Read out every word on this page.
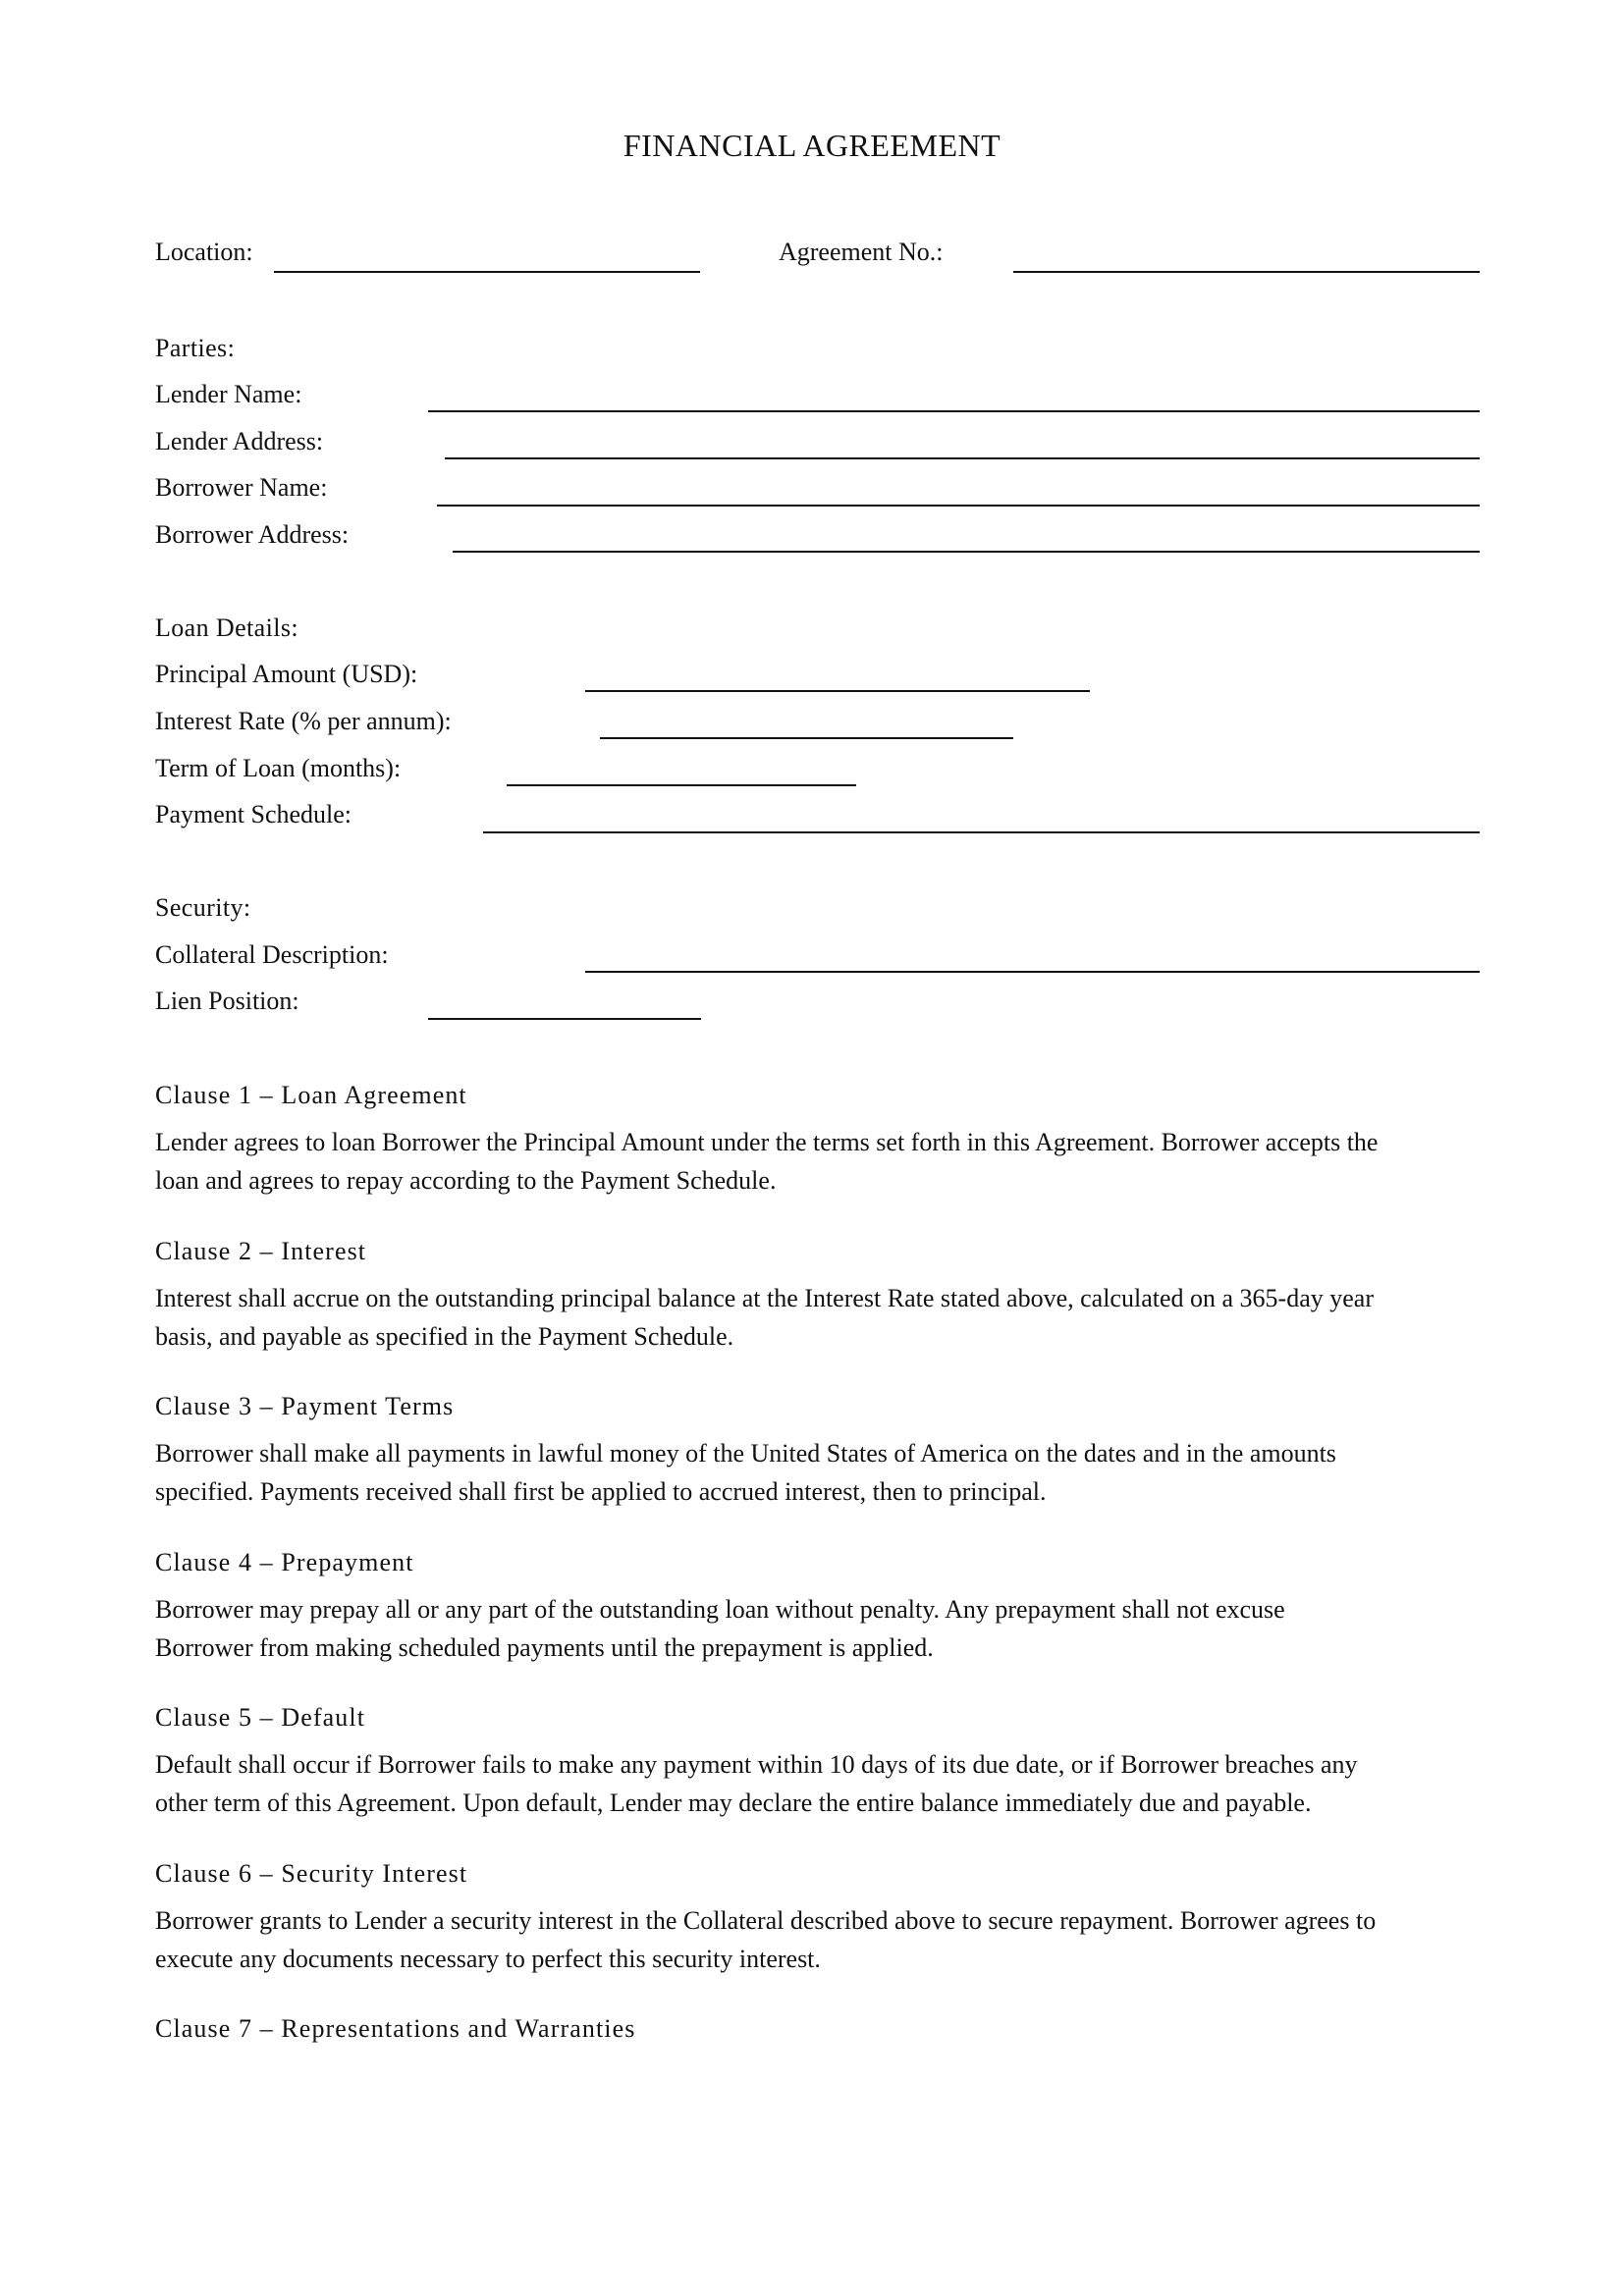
FINANCIAL AGREEMENT
Location:	Agreement No.:
Parties:
Lender Name:
Lender Address:
Borrower Name:
Borrower Address:
Loan Details:
Principal Amount (USD):
Interest Rate (% per annum):
Term of Loan (months):
Payment Schedule:
Security:
Collateral Description:
Lien Position:
Clause 1 – Loan Agreement

Lender agrees to loan Borrower the Principal Amount under the terms set forth in this Agreement. Borrower accepts the

loan and agrees to repay according to the Payment Schedule.

Clause 2 – Interest

Interest shall accrue on the outstanding principal balance at the Interest Rate stated above, calculated on a 365-day year

basis, and payable as specified in the Payment Schedule.

Clause 3 – Payment Terms

Borrower shall make all payments in lawful money of the United States of America on the dates and in the amounts

specified. Payments received shall first be applied to accrued interest, then to principal.

Clause 4 – Prepayment

Borrower may prepay all or any part of the outstanding loan without penalty. Any prepayment shall not excuse

Borrower from making scheduled payments until the prepayment is applied.

Clause 5 – Default

Default shall occur if Borrower fails to make any payment within 10 days of its due date, or if Borrower breaches any

other term of this Agreement. Upon default, Lender may declare the entire balance immediately due and payable.

Clause 6 – Security Interest

Borrower grants to Lender a security interest in the Collateral described above to secure repayment. Borrower agrees to

execute any documents necessary to perfect this security interest.

Clause 7 – Representations and Warranties
